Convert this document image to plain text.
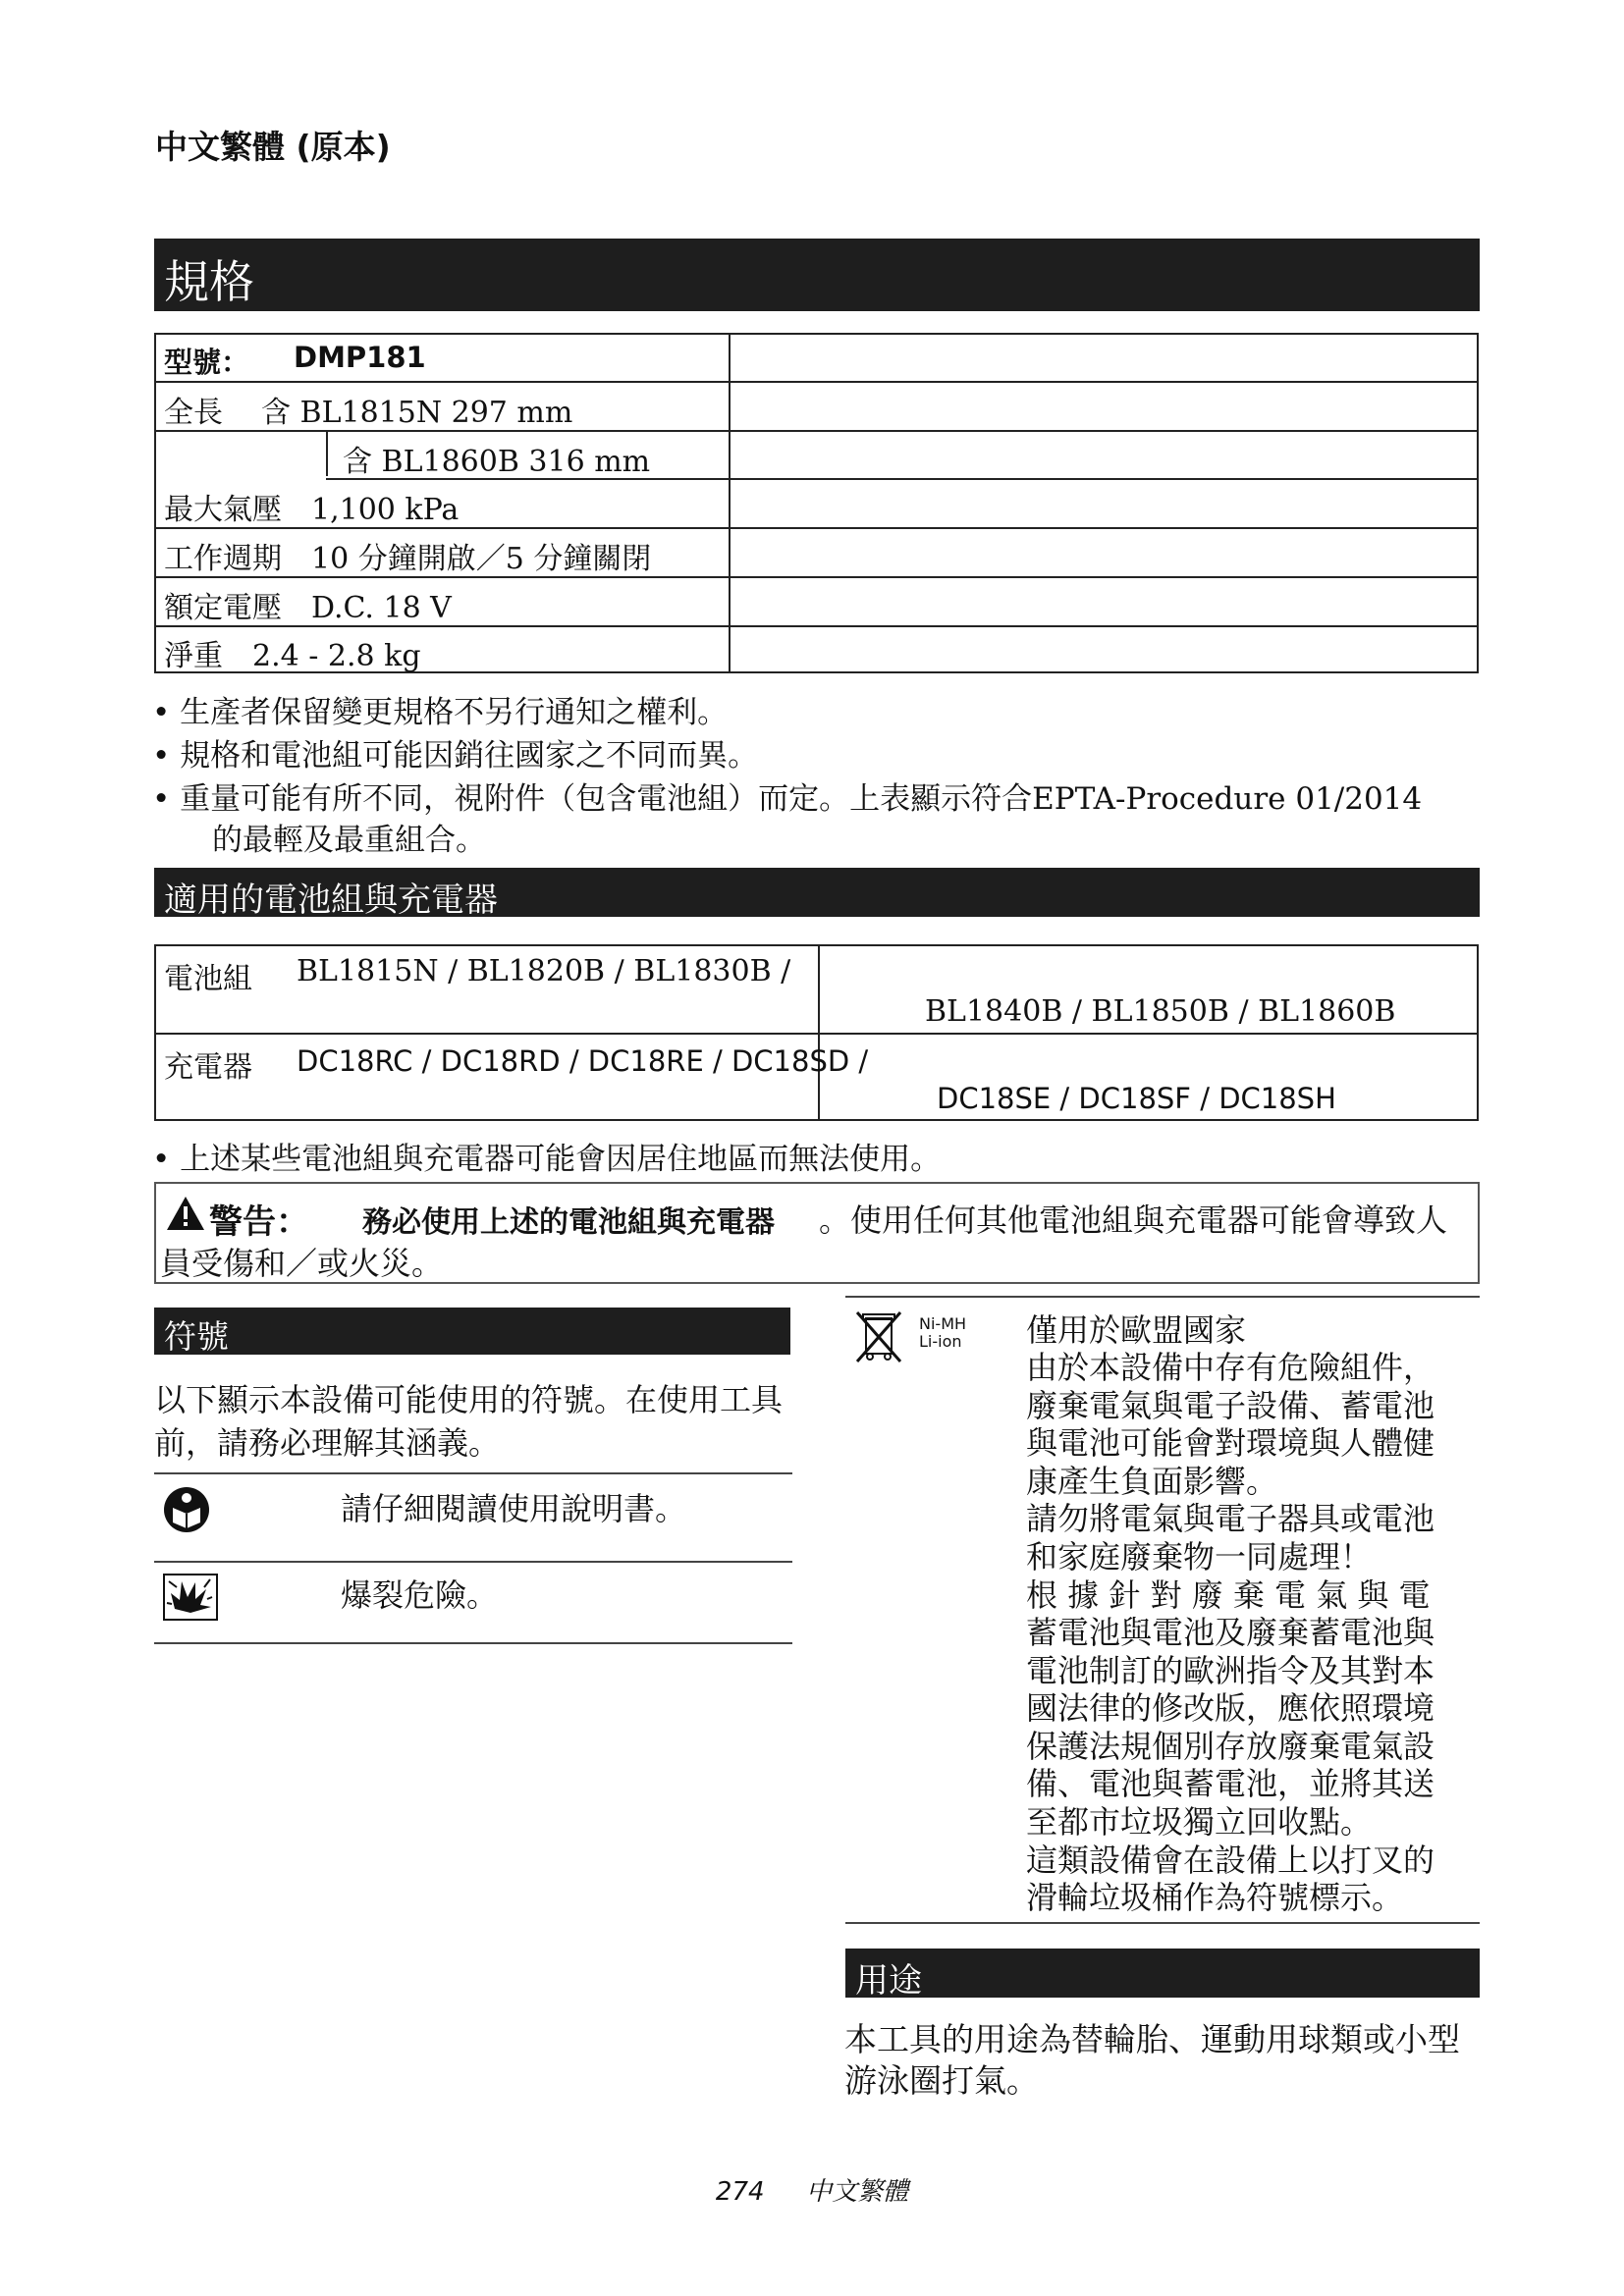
中文繁體 (原本)
規格
型號： DMP181
全長 含 BL1815N 297 mm
含 BL1860B 316 mm
最大氣壓　1,100 kPa
工作週期　10 分鐘開啟／5 分鐘關閉
額定電壓　D.C. 18 V
淨重　2.4 - 2.8 kg
• 生產者保留變更規格不另行通知之權利。
• 規格和電池組可能因銷往國家之不同而異。
• 重量可能有所不同，視附件（包含電池組）而定。上表顯示符合EPTA-Procedure 01/2014
的最輕及最重組合。
適用的電池組與充電器
電池組 BL1815N / BL1820B / BL1830B /
BL1840B / BL1850B / BL1860B
充電器 DC18RC / DC18RD / DC18RE / DC18SD /
DC18SE / DC18SF / DC18SH
• 上述某些電池組與充電器可能會因居住地區而無法使用。
警告： 務必使用上述的電池組與充電器 。使用任何其他電池組與充電器可能會導致人
員受傷和／或火災。
符號
以下顯示本設備可能使用的符號。在使用工具前，請務必理解其涵義。
請仔細閱讀使用說明書。
爆裂危險。
Ni-MH
Li-ion 僅用於歐盟國家
由於本設備中存有危險組件，
廢棄電氣與電子設備、蓄電池
與電池可能會對環境與人體健
康產生負面影響。
請勿將電氣與電子器具或電池
和家庭廢棄物一同處理！
根 據 針 對 廢 棄 電 氣 與 電
蓄電池與電池及廢棄蓄電池與
電池制訂的歐洲指令及其對本
國法律的修改版，應依照環境
保護法規個別存放廢棄電氣設
備、電池與蓄電池，並將其送
至都市垃圾獨立回收點。
這類設備會在設備上以打叉的
滑輪垃圾桶作為符號標示。
用途
本工具的用途為替輪胎、運動用球類或小型游泳圈打氣。
274 中文繁體
